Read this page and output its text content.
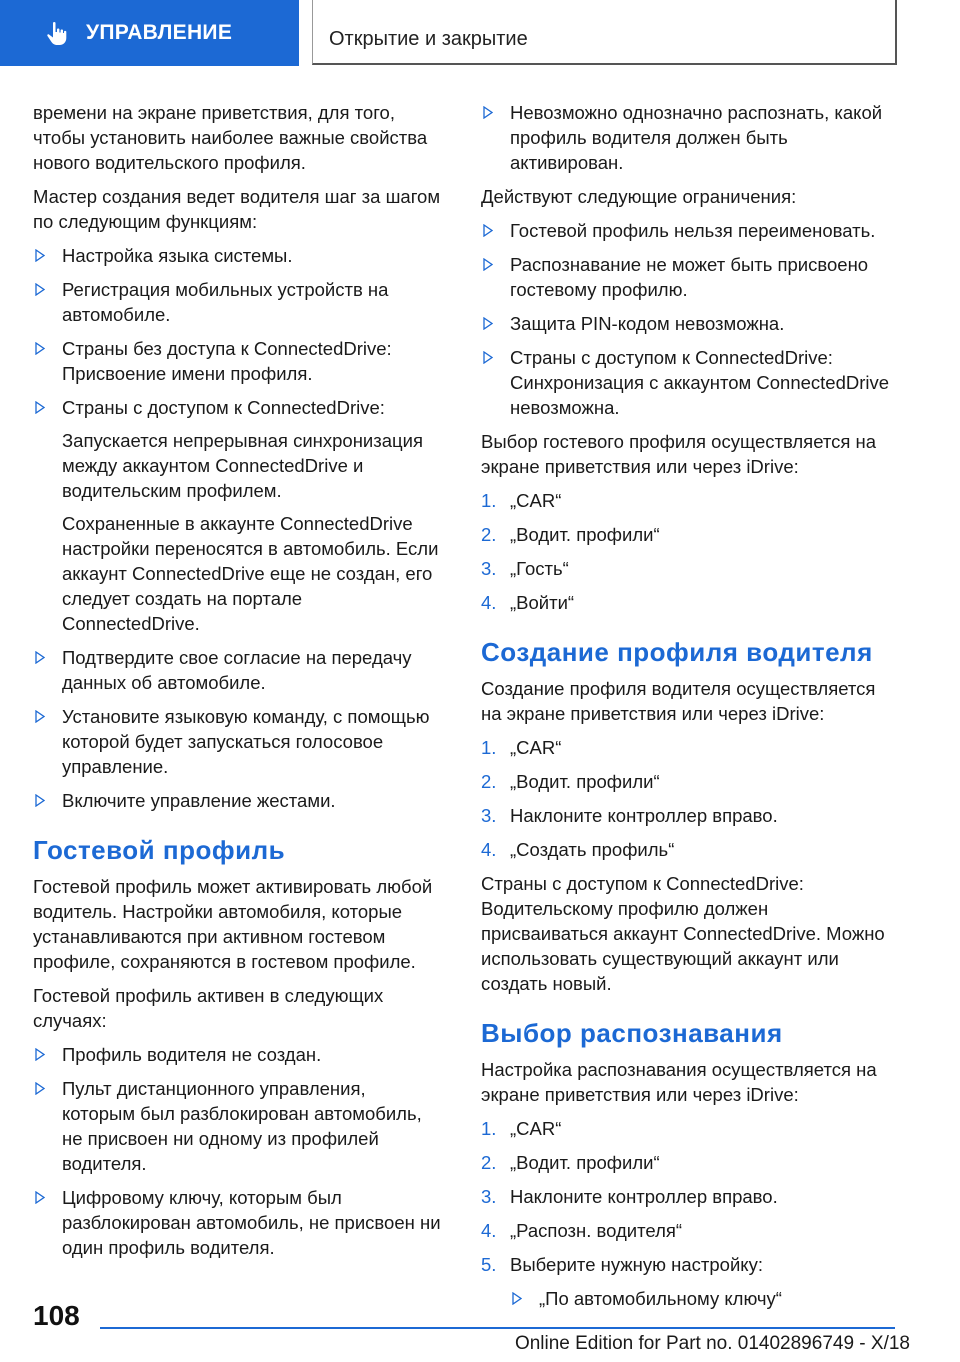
УПРАВЛЕНИЕ	Открытие и закрытие

времени на экране приветствия, для того, чтобы установить наиболее важные свойства нового водительского профиля.

Мастер создания ведет водителя шаг за шагом по следующим функциям:

Настройка языка системы.
Регистрация мобильных устройств на автомобиле.
Страны без доступа к ConnectedDrive: Присвоение имени профиля.
Страны с доступом к ConnectedDrive:

Запускается непрерывная синхронизация между аккаунтом ConnectedDrive и водительским профилем.

Сохраненные в аккаунте ConnectedDrive настройки переносятся в автомобиль. Если аккаунт ConnectedDrive еще не создан, его следует создать на портале ConnectedDrive.

Подтвердите свое согласие на передачу данных об автомобиле.
Установите языковую команду, с помощью которой будет запускаться голосовое управление.
Включите управление жестами.
Гостевой профиль

Гостевой профиль может активировать любой водитель. Настройки автомобиля, которые устанавливаются при активном гостевом профиле, сохраняются в гостевом профиле.

Гостевой профиль активен в следующих случаях:

Профиль водителя не создан.
Пульт дистанционного управления, которым был разблокирован автомобиль, не присвоен ни одному из профилей водителя.
Цифровому ключу, которым был разблокирован автомобиль, не присвоен ни один профиль водителя.
Невозможно однозначно распознать, какой профиль водителя должен быть активирован.

Действуют следующие ограничения:

Гостевой профиль нельзя переименовать.
Распознавание не может быть присвоено гостевому профилю.
Защита PIN-кодом невозможна.
Страны с доступом к ConnectedDrive: Синхронизация с аккаунтом ConnectedDrive невозможна.

Выбор гостевого профиля осуществляется на экране приветствия или через iDrive:

1. „CAR“
2. „Водит. профили“
3. „Гость“
4. „Войти“
Создание профиля водителя

Создание профиля водителя осуществляется на экране приветствия или через iDrive:

1. „CAR“
2. „Водит. профили“
3. Наклоните контроллер вправо.
4. „Создать профиль“

Страны с доступом к ConnectedDrive: Водительскому профилю должен присваиваться аккаунт ConnectedDrive. Можно использовать существующий аккаунт или создать новый.

Выбор распознавания

Настройка распознавания осуществляется на экране приветствия или через iDrive:

1. „CAR“
2. „Водит. профили“
3. Наклоните контроллер вправо.
4. „Распозн. водителя“
5. Выберите нужную настройку:
„По автомобильному ключу“
108
Online Edition for Part no. 01402896749 - X/18
